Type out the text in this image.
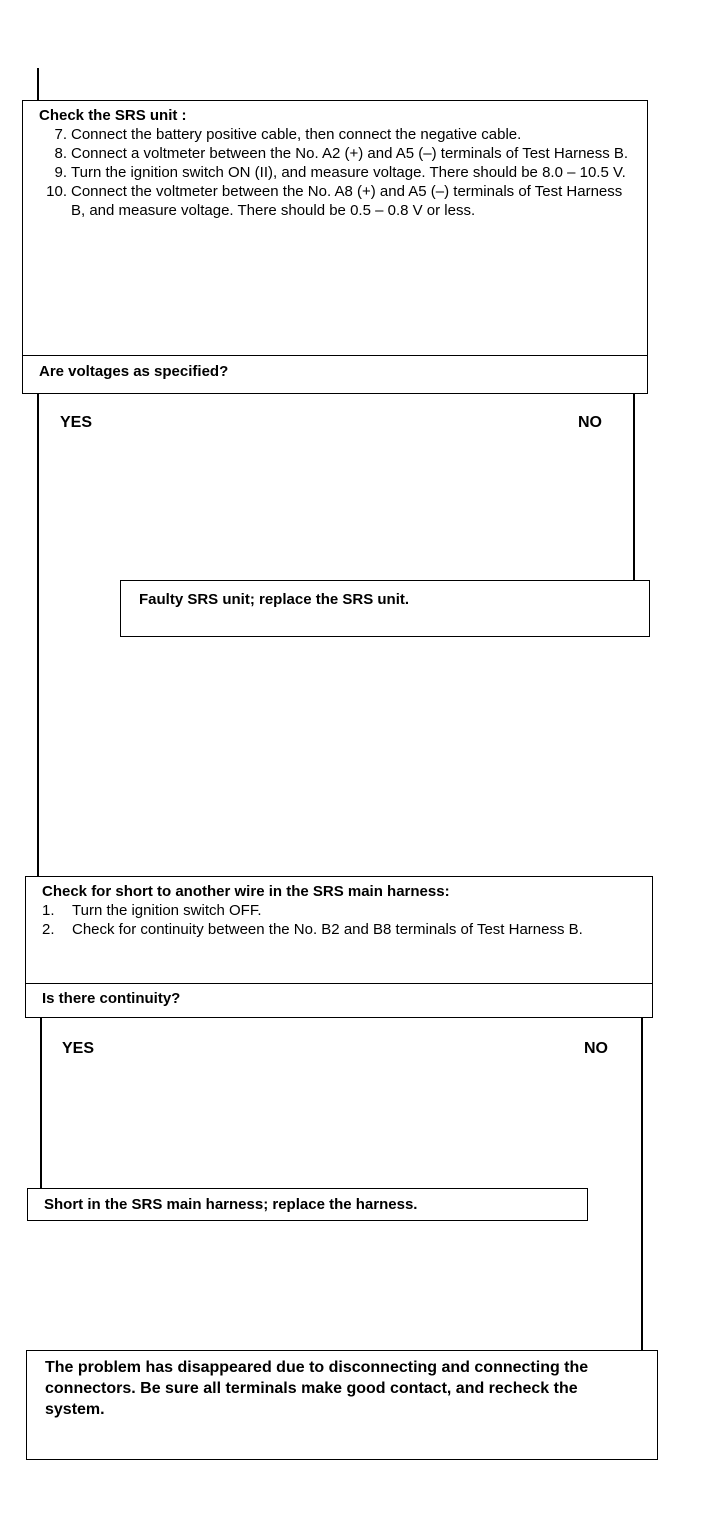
Check the SRS unit :
7. Connect the battery positive cable, then connect the negative cable.
8. Connect a voltmeter between the No. A2 (+) and A5 (–) terminals of Test Harness B.
9. Turn the ignition switch ON (II), and measure voltage. There should be 8.0 – 10.5 V.
10. Connect the voltmeter between the No. A8 (+) and A5 (–) terminals of Test Harness B, and measure voltage. There should be 0.5 – 0.8 V or less.
Are voltages as specified?
YES	NO
Faulty SRS unit; replace the SRS unit.
Check for short to another wire in the SRS main harness:
1.	Turn the ignition switch OFF.
2.	Check for continuity between the No. B2 and B8 terminals of Test Harness B.
Is there continuity?
YES	NO
Short in the SRS main harness; replace the harness.
The problem has disappeared due to disconnecting and connecting the connectors. Be sure all terminals make good contact, and recheck the system.
